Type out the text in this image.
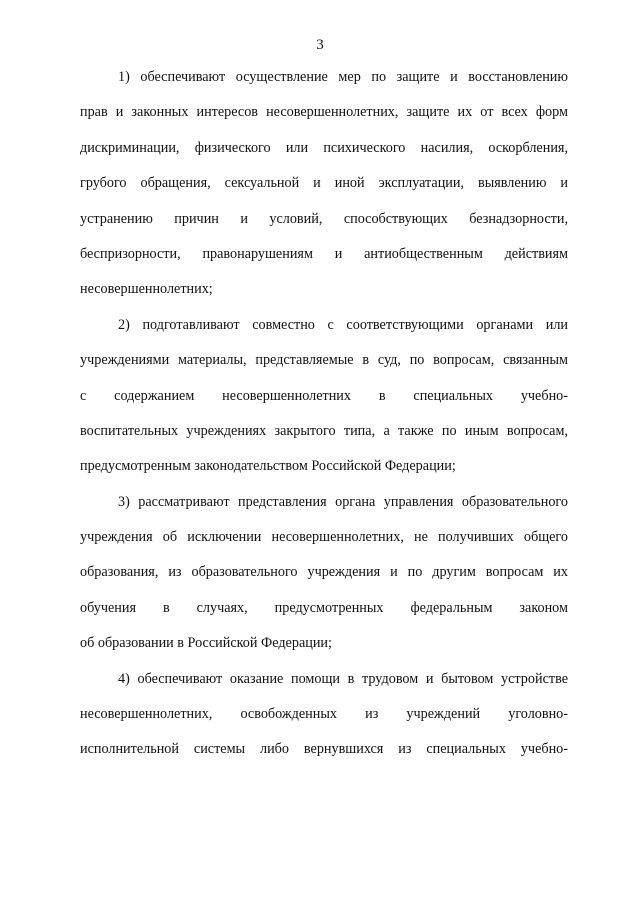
3
1) обеспечивают осуществление мер по защите и восстановлению
прав и законных интересов несовершеннолетних, защите их от всех форм
дискриминации, физического или психического насилия, оскорбления,
грубого обращения, сексуальной и иной эксплуатации, выявлению и
устранению причин и условий, способствующих безнадзорности,
беспризорности, правонарушениям и антиобщественным действиям
несовершеннолетних;
2) подготавливают совместно с соответствующими органами или
учреждениями материалы, представляемые в суд, по вопросам, связанным
с содержанием несовершеннолетних в специальных учебно-
воспитательных учреждениях закрытого типа, а также по иным вопросам,
предусмотренным законодательством Российской Федерации;
3) рассматривают представления органа управления образовательного
учреждения об исключении несовершеннолетних, не получивших общего
образования, из образовательного учреждения и по другим вопросам их
обучения в случаях, предусмотренных федеральным законом
об образовании в Российской Федерации;
4) обеспечивают оказание помощи в трудовом и бытовом устройстве
несовершеннолетних, освобожденных из учреждений уголовно-
исполнительной системы либо вернувшихся из специальных учебно-
